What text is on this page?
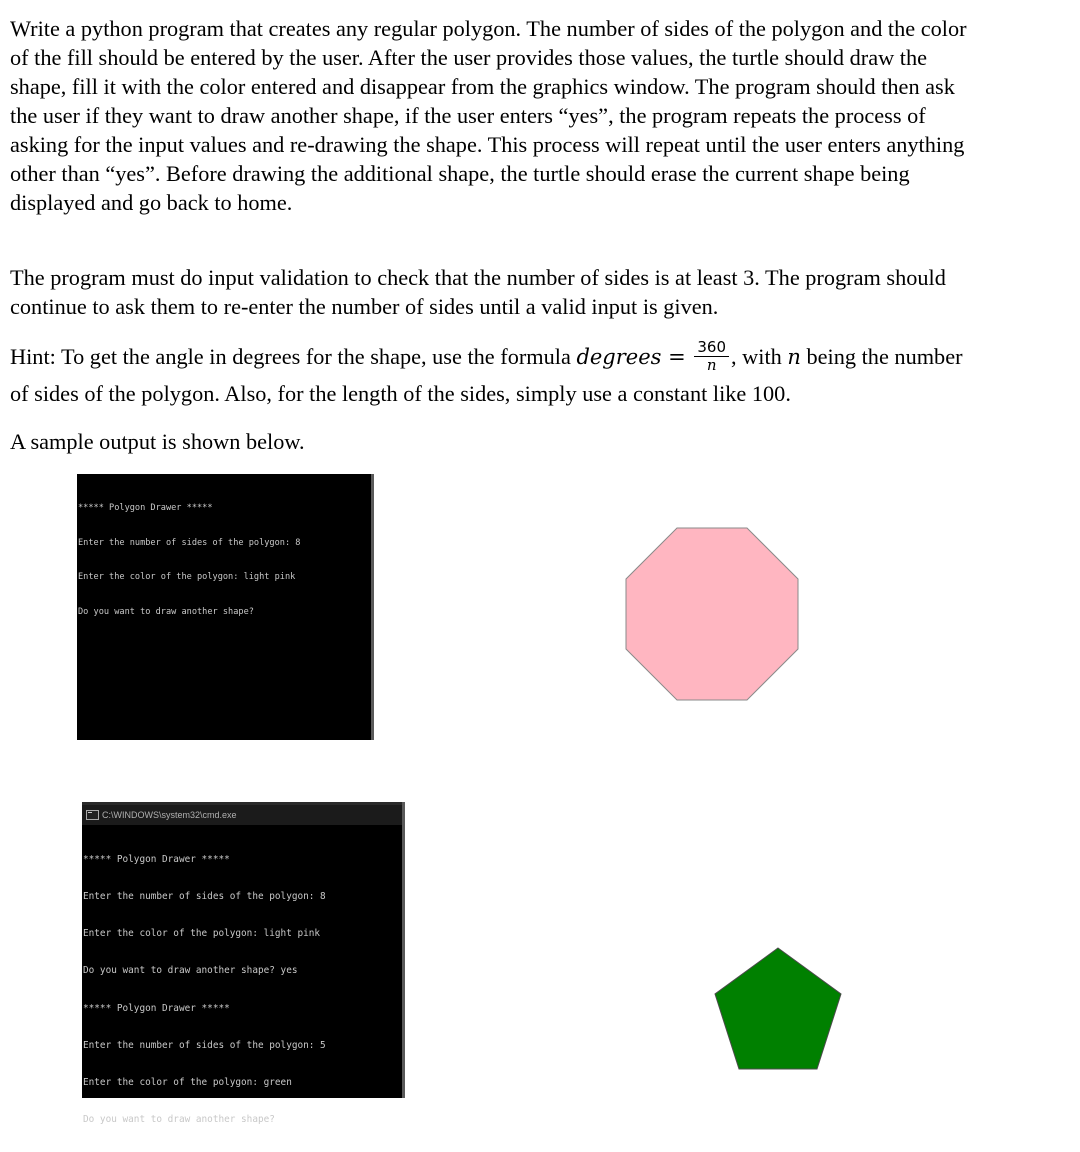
Write a python program that creates any regular polygon. The number of sides of the polygon and the color of the fill should be entered by the user. After the user provides those values, the turtle should draw the shape, fill it with the color entered and disappear from the graphics window. The program should then ask the user if they want to draw another shape, if the user enters “yes”, the program repeats the process of asking for the input values and re-drawing the shape. This process will repeat until the user enters anything other than “yes”. Before drawing the additional shape, the turtle should erase the current shape being displayed and go back to home.

The program must do input validation to check that the number of sides is at least 3. The program should continue to ask them to re-enter the number of sides until a valid input is given.

Hint: To get the angle in degrees for the shape, use the formula degrees = $\frac{360}{n}$ , with n being the number of sides of the polygon. Also, for the length of the sides, simply use a constant like 100.

A sample output is shown below.

***** Polygon Drawer *****

Enter the number of sides of the polygon: 8

Enter the color of the polygon: light pink

Do you want to draw another shape?

C:\WINDOWS\system32\cmd.exe

***** Polygon Drawer *****

Enter the number of sides of the polygon: 8

Enter the color of the polygon: light pink

Do you want to draw another shape? yes

***** Polygon Drawer *****

Enter the number of sides of the polygon: 5

Enter the color of the polygon: green

Do you want to draw another shape?
